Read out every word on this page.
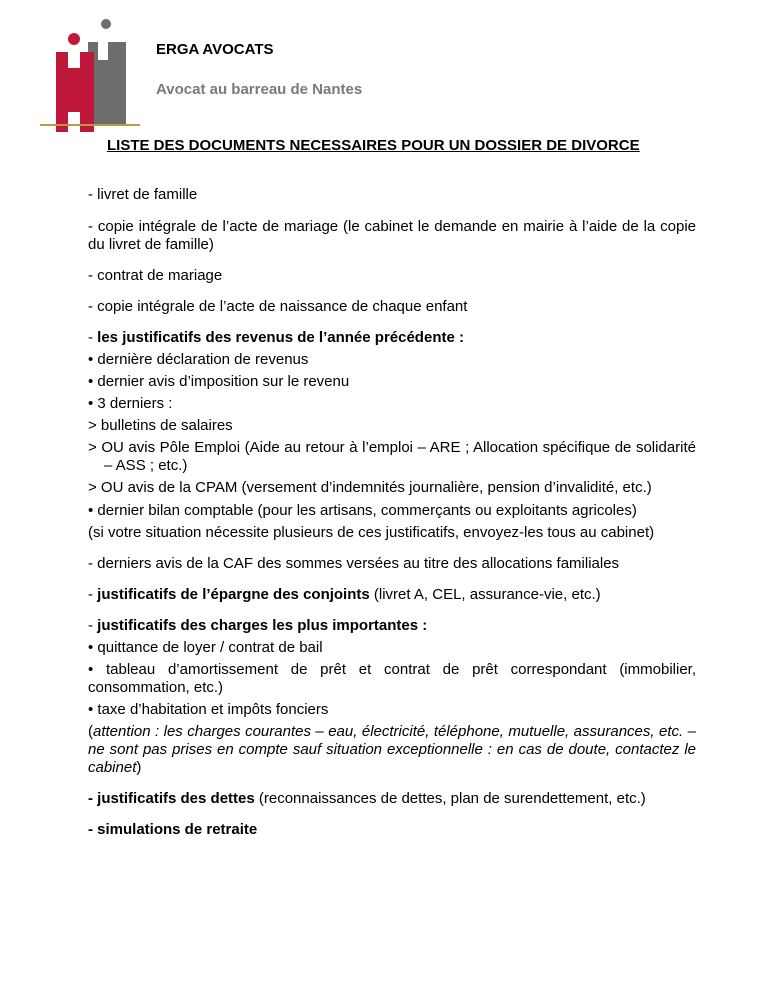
ERGA AVOCATS
Avocat au barreau de Nantes
LISTE DES DOCUMENTS NECESSAIRES POUR UN DOSSIER DE DIVORCE

- livret de famille

- copie intégrale de l’acte de mariage (le cabinet le demande en mairie à l’aide de la copie du livret de famille)

- contrat de mariage

- copie intégrale de l’acte de naissance de chaque enfant

- les justificatifs des revenus de l’année précédente :

• dernière déclaration de revenus

• dernier avis d’imposition sur le revenu

• 3 derniers :

> bulletins de salaires

> OU avis Pôle Emploi (Aide au retour à l’emploi – ARE ; Allocation spécifique de solidarité – ASS ; etc.)

> OU avis de la CPAM (versement d’indemnités journalière, pension d’invalidité, etc.)

• dernier bilan comptable (pour les artisans, commerçants ou exploitants agricoles)

(si votre situation nécessite plusieurs de ces justificatifs, envoyez-les tous au cabinet)

- derniers avis de la CAF des sommes versées au titre des allocations familiales

- justificatifs de l’épargne des conjoints (livret A, CEL, assurance-vie, etc.)

- justificatifs des charges les plus importantes :

• quittance de loyer / contrat de bail

• tableau d’amortissement de prêt et contrat de prêt correspondant (immobilier, consommation, etc.)

• taxe d’habitation et impôts fonciers

(attention : les charges courantes – eau, électricité, téléphone, mutuelle, assurances, etc. – ne sont pas prises en compte sauf situation exceptionnelle : en cas de doute, contactez le cabinet)

- justificatifs des dettes (reconnaissances de dettes, plan de surendettement, etc.)

- simulations de retraite
